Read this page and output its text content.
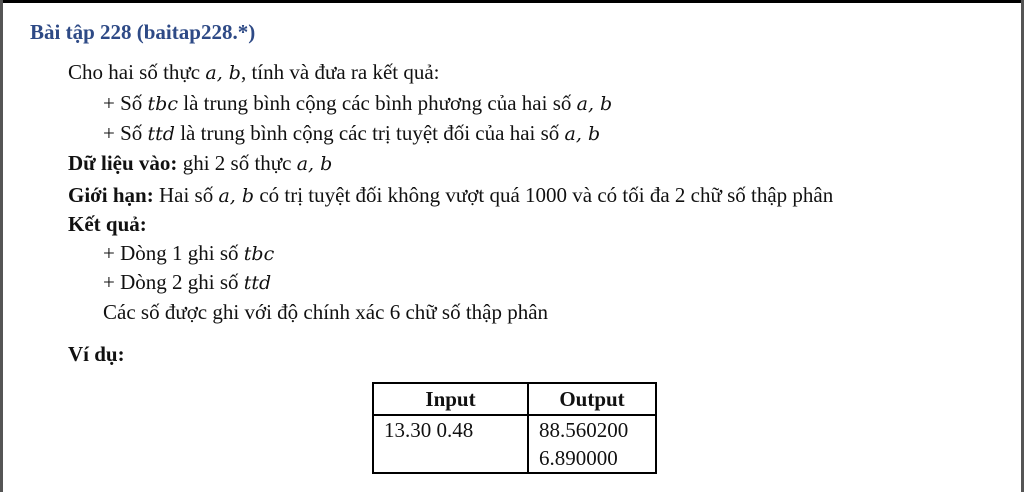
Bài tập 228 (baitap228.*)
Cho hai số thực a, b, tính và đưa ra kết quả:
+ Số tbc là trung bình cộng các bình phương của hai số a, b
+ Số ttd là trung bình cộng các trị tuyệt đối của hai số a, b
Dữ liệu vào: ghi 2 số thực a, b
Giới hạn: Hai số a, b có trị tuyệt đối không vượt quá 1000 và có tối đa 2 chữ số thập phân
Kết quả:
+ Dòng 1 ghi số tbc
+ Dòng 2 ghi số ttd
Các số được ghi với độ chính xác 6 chữ số thập phân
Ví dụ:
Input	Output
13.30 0.48	88.560200
6.890000
